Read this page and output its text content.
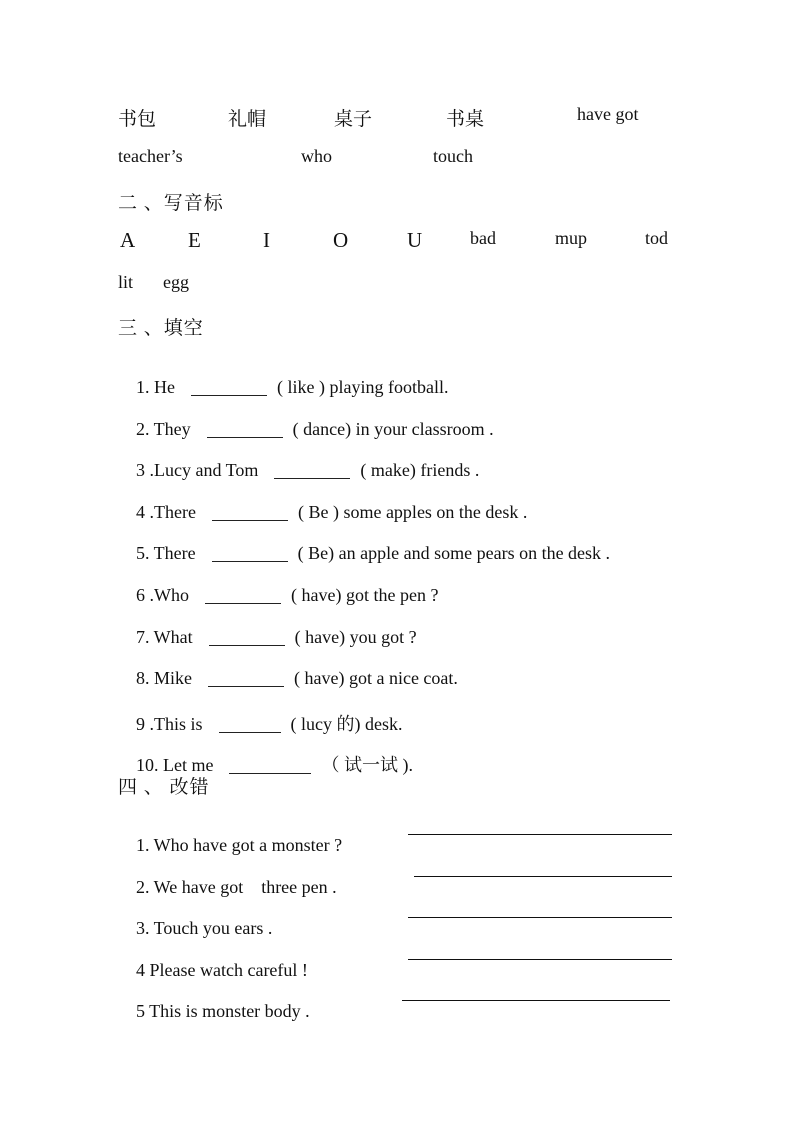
书包

	礼帽

	桌子

	书桌

	have got

teacher’s

	who

	touch

二 、写音标

A

	E

	I

	O

	U

	bad

	mup

	tod

lit

egg

三 、填空

1. He	( like ) playing football.

2. They	( dance) in your classroom .

3 .Lucy and Tom	( make) friends .

4 .There	( Be ) some apples on the desk .

5. There	( Be) an apple and some pears on the desk .

6 .Who	( have) got the pen ?

7. What	( have) you got ?

8. Mike	( have) got a nice coat.

9 .This is	( lucy 的) desk.

10. Let me	（ 试一试 ).

四 、 改错

1. Who have got a monster ?

2. We have got    three pen .

3. Touch you ears .

4 Please watch careful !

5 This is monster body .
